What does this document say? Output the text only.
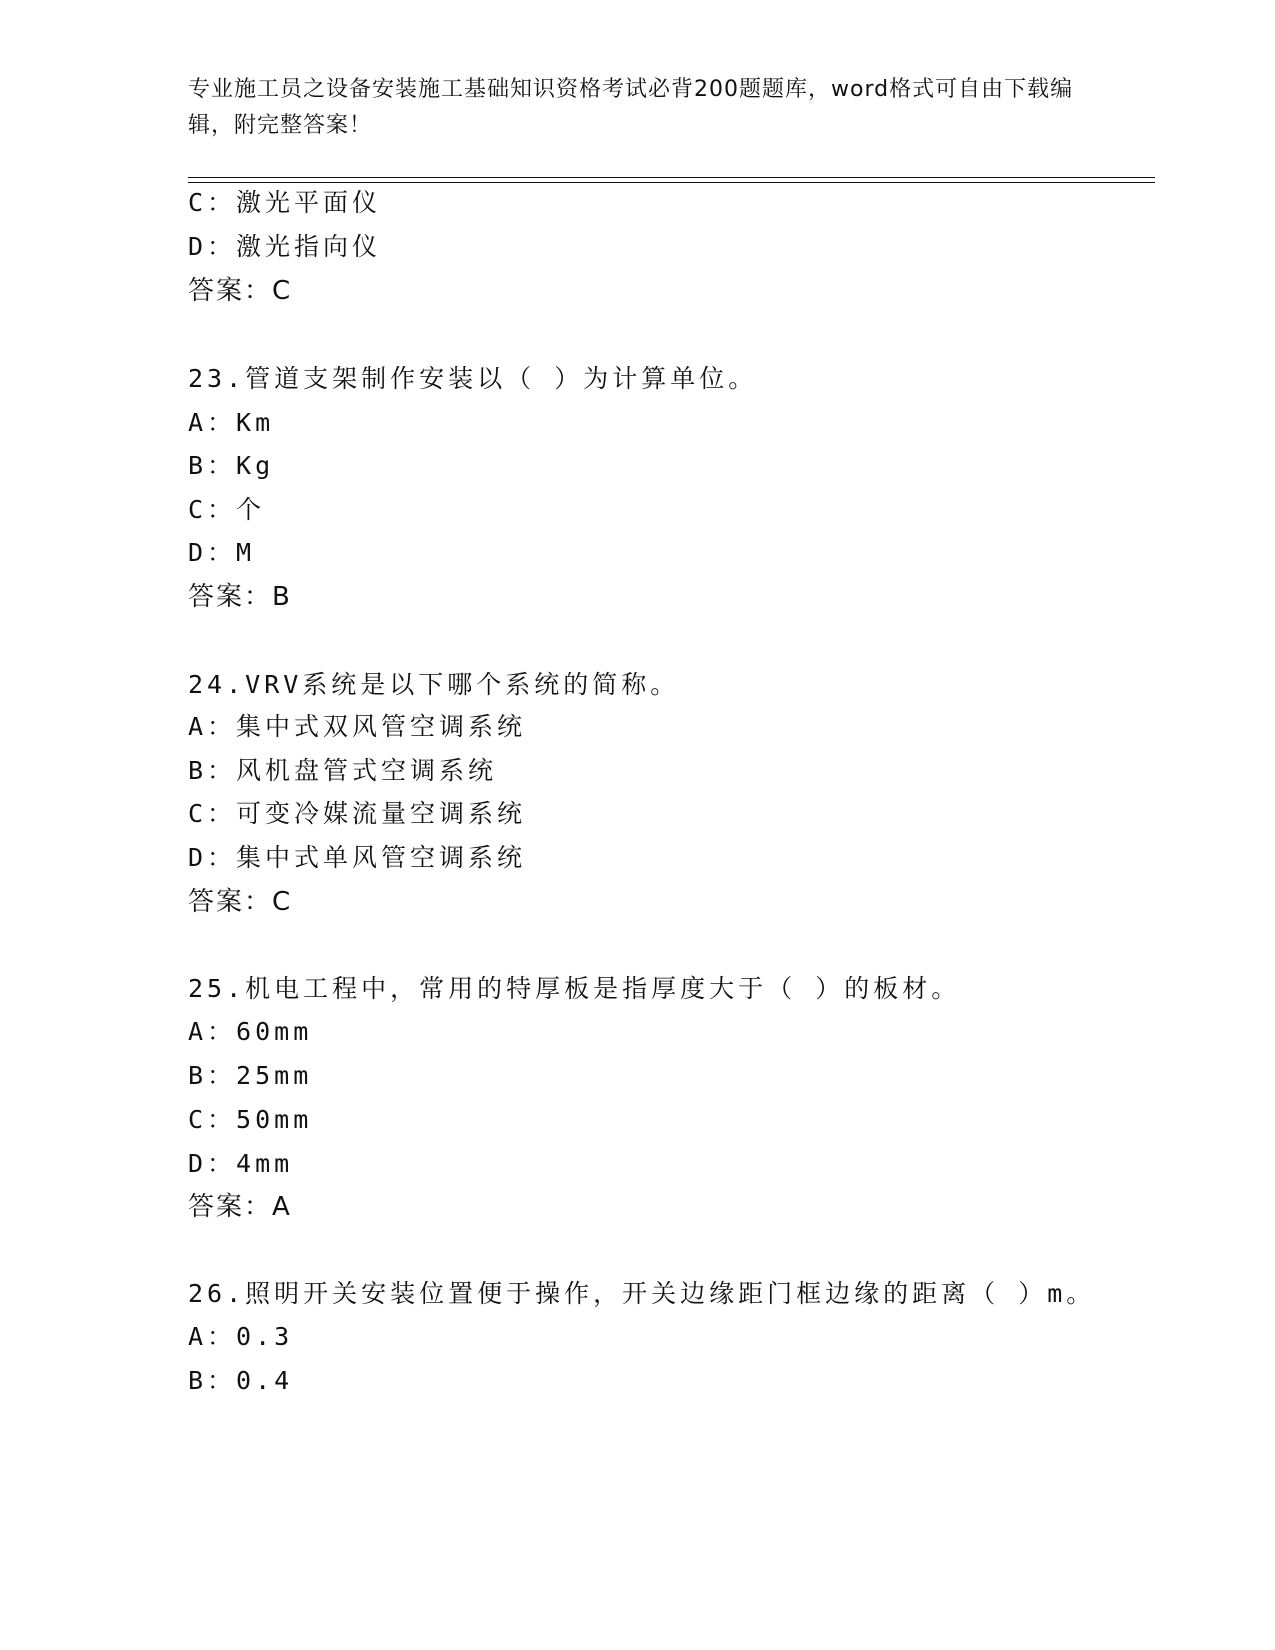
专业施工员之设备安装施工基础知识资格考试必背200题题库，word格式可自由下载编辑，附完整答案！
C：激光平面仪
D：激光指向仪
答案：C
23.管道支架制作安装以（ ）为计算单位。
A：Km
B：Kg
C：个
D：M
答案：B
24.VRV系统是以下哪个系统的简称。
A：集中式双风管空调系统
B：风机盘管式空调系统
C：可变冷媒流量空调系统
D：集中式单风管空调系统
答案：C
25.机电工程中，常用的特厚板是指厚度大于（ ）的板材。
A：60mm
B：25mm
C：50mm
D：4mm
答案：A
26.照明开关安装位置便于操作，开关边缘距门框边缘的距离（ ）m。
A：0.3
B：0.4
